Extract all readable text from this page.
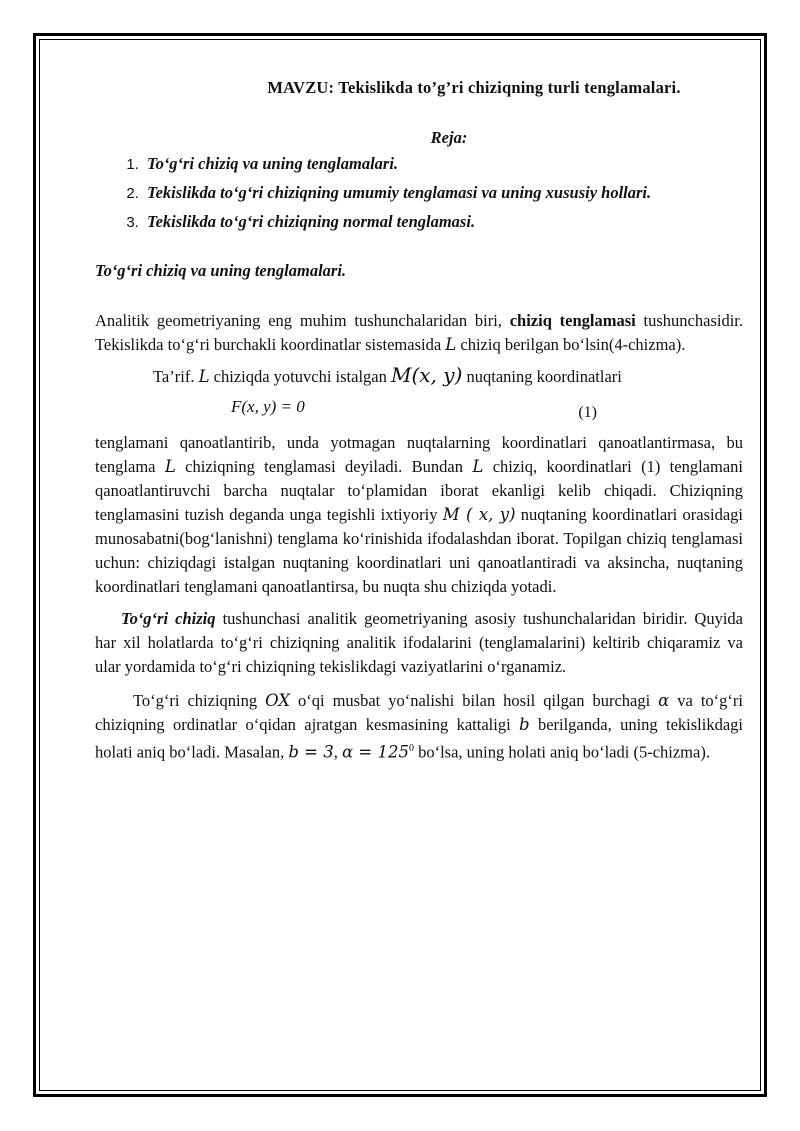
MAVZU: Tekislikda to’g’ri chiziqning turli tenglamalari.
Reja:
1. To‘g‘ri chiziq va uning tenglamalari.
2. Tekislikda to‘g‘ri chiziqning umumiy tenglamasi va uning xususiy hollari.
3. Tekislikda to‘g‘ri chiziqning normal tenglamasi.
To‘g‘ri chiziq va uning tenglamalari.

Analitik geometriyaning eng muhim tushunchalaridan biri, chiziq tenglamasi tushunchasidir. Tekislikda to‘g‘ri burchakli koordinatlar sistemasida L chiziq berilgan bo‘lsin(4-chizma).

Ta’rif. L chiziqda yotuvchi istalgan M(x, y) nuqtaning koordinatlari

F(x, y) = 0	(1)

tenglamani qanoatlantirib, unda yotmagan nuqtalarning koordinatlari qanoatlantirmasa, bu tenglama L chiziqning tenglamasi deyiladi. Bundan L chiziq, koordinatlari (1) tenglamani qanoatlantiruvchi barcha nuqtalar to‘plamidan iborat ekanligi kelib chiqadi. Chiziqning tenglamasini tuzish deganda unga tegishli ixtiyoriy M ( x, y) nuqtaning koordinatlari orasidagi munosabatni(bog‘lanishni) tenglama ko‘rinishida ifodalashdan iborat. Topilgan chiziq tenglamasi uchun: chiziqdagi istalgan nuqtaning koordinatlari uni qanoatlantiradi va aksincha, nuqtaning koordinatlari tenglamani qanoatlantirsa, bu nuqta shu chiziqda yotadi.

To‘g‘ri chiziq tushunchasi analitik geometriyaning asosiy tushunchalaridan biridir. Quyida har xil holatlarda to‘g‘ri chiziqning analitik ifodalarini (tenglamalarini) keltirib chiqaramiz va ular yordamida to‘g‘ri chiziqning tekislikdagi vaziyatlarini o‘rganamiz.

To‘g‘ri chiziqning OX o‘qi musbat yo‘nalishi bilan hosil qilgan burchagi α va to‘g‘ri chiziqning ordinatlar o‘qidan ajratgan kesmasining kattaligi b berilganda, uning tekislikdagi holati aniq bo‘ladi. Masalan, b = 3, $\alpha = 125^0$ bo‘lsa, uning holati aniq bo‘ladi (5-chizma).
